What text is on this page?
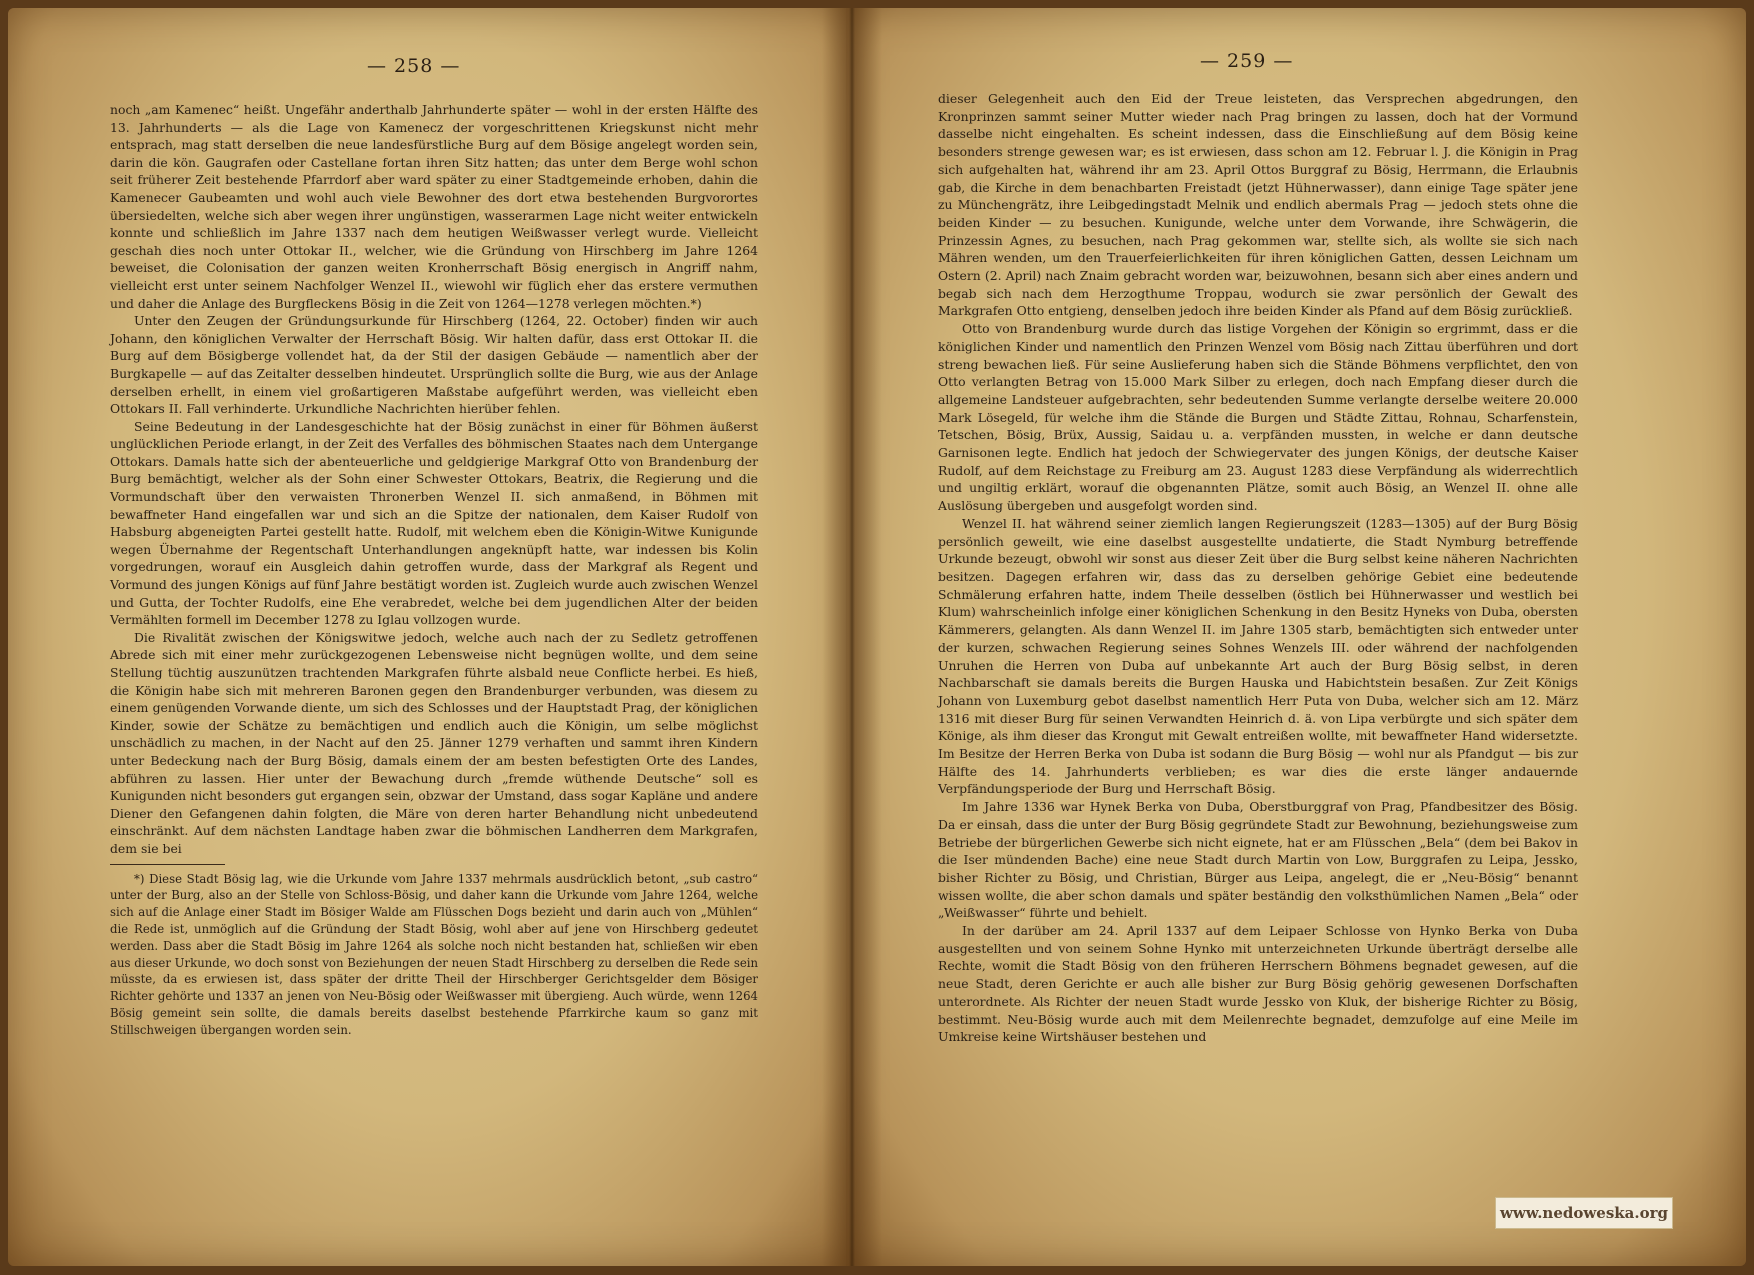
— 258 —	— 259 —

noch „am Kamenec“ heißt. Ungefähr anderthalb Jahrhunderte später — wohl in der ersten Hälfte des 13. Jahrhunderts — als die Lage von Kamenecz der vorgeschrittenen Kriegskunst nicht mehr entsprach, mag statt derselben die neue landesfürstliche Burg auf dem Bösige angelegt worden sein, darin die kön. Gaugrafen oder Castellane fortan ihren Sitz hatten; das unter dem Berge wohl schon seit früherer Zeit bestehende Pfarrdorf aber ward später zu einer Stadtgemeinde erhoben, dahin die Kamenecer Gaubeamten und wohl auch viele Bewohner des dort etwa bestehenden Burgvorortes übersiedelten, welche sich aber wegen ihrer ungünstigen, wasserarmen Lage nicht weiter entwickeln konnte und schließlich im Jahre 1337 nach dem heutigen Weißwasser verlegt wurde. Vielleicht geschah dies noch unter Ottokar II., welcher, wie die Gründung von Hirschberg im Jahre 1264 beweiset, die Colonisation der ganzen weiten Kronherrschaft Bösig energisch in Angriff nahm, vielleicht erst unter seinem Nachfolger Wenzel II., wiewohl wir füglich eher das erstere vermuthen und daher die Anlage des Burgfleckens Bösig in die Zeit von 1264—1278 verlegen möchten.*)

Unter den Zeugen der Gründungsurkunde für Hirschberg (1264, 22. October) finden wir auch Johann, den königlichen Verwalter der Herrschaft Bösig. Wir halten dafür, dass erst Ottokar II. die Burg auf dem Bösigberge vollendet hat, da der Stil der dasigen Gebäude — namentlich aber der Burgkapelle — auf das Zeitalter desselben hindeutet. Ursprünglich sollte die Burg, wie aus der Anlage derselben erhellt, in einem viel großartigeren Maßstabe aufgeführt werden, was vielleicht eben Ottokars II. Fall verhinderte. Urkundliche Nachrichten hierüber fehlen.

Seine Bedeutung in der Landesgeschichte hat der Bösig zunächst in einer für Böhmen äußerst unglücklichen Periode erlangt, in der Zeit des Verfalles des böhmischen Staates nach dem Untergange Ottokars. Damals hatte sich der abenteuerliche und geldgierige Markgraf Otto von Brandenburg der Burg bemächtigt, welcher als der Sohn einer Schwester Ottokars, Beatrix, die Regierung und die Vormundschaft über den verwaisten Thronerben Wenzel II. sich anmaßend, in Böhmen mit bewaffneter Hand eingefallen war und sich an die Spitze der nationalen, dem Kaiser Rudolf von Habsburg abgeneigten Partei gestellt hatte. Rudolf, mit welchem eben die Königin-Witwe Kunigunde wegen Übernahme der Regentschaft Unterhandlungen angeknüpft hatte, war indessen bis Kolin vorgedrungen, worauf ein Ausgleich dahin getroffen wurde, dass der Markgraf als Regent und Vormund des jungen Königs auf fünf Jahre bestätigt worden ist. Zugleich wurde auch zwischen Wenzel und Gutta, der Tochter Rudolfs, eine Ehe verabredet, welche bei dem jugendlichen Alter der beiden Vermählten formell im December 1278 zu Iglau vollzogen wurde.

Die Rivalität zwischen der Königswitwe jedoch, welche auch nach der zu Sedletz getroffenen Abrede sich mit einer mehr zurückgezogenen Lebensweise nicht begnügen wollte, und dem seine Stellung tüchtig auszunützen trachtenden Markgrafen führte alsbald neue Conflicte herbei. Es hieß, die Königin habe sich mit mehreren Baronen gegen den Brandenburger verbunden, was diesem zu einem genügenden Vorwande diente, um sich des Schlosses und der Hauptstadt Prag, der königlichen Kinder, sowie der Schätze zu bemächtigen und endlich auch die Königin, um selbe möglichst unschädlich zu machen, in der Nacht auf den 25. Jänner 1279 verhaften und sammt ihren Kindern unter Bedeckung nach der Burg Bösig, damals einem der am besten befestigten Orte des Landes, abführen zu lassen. Hier unter der Bewachung durch „fremde wüthende Deutsche“ soll es Kunigunden nicht besonders gut ergangen sein, obzwar der Umstand, dass sogar Kapläne und andere Diener den Gefangenen dahin folgten, die Märe von deren harter Behandlung nicht unbedeutend einschränkt. Auf dem nächsten Landtage haben zwar die böhmischen Landherren dem Markgrafen, dem sie bei

*) Diese Stadt Bösig lag, wie die Urkunde vom Jahre 1337 mehrmals ausdrücklich betont, „sub castro“ unter der Burg, also an der Stelle von Schloss-Bösig, und daher kann die Urkunde vom Jahre 1264, welche sich auf die Anlage einer Stadt im Bösiger Walde am Flüsschen Dogs bezieht und darin auch von „Mühlen“ die Rede ist, unmöglich auf die Gründung der Stadt Bösig, wohl aber auf jene von Hirschberg gedeutet werden. Dass aber die Stadt Bösig im Jahre 1264 als solche noch nicht bestanden hat, schließen wir eben aus dieser Urkunde, wo doch sonst von Beziehungen der neuen Stadt Hirschberg zu derselben die Rede sein müsste, da es erwiesen ist, dass später der dritte Theil der Hirschberger Gerichtsgelder dem Bösiger Richter gehörte und 1337 an jenen von Neu-Bösig oder Weißwasser mit übergieng. Auch würde, wenn 1264 Bösig gemeint sein sollte, die damals bereits daselbst bestehende Pfarrkirche kaum so ganz mit Stillschweigen übergangen worden sein.

dieser Gelegenheit auch den Eid der Treue leisteten, das Versprechen abgedrungen, den Kronprinzen sammt seiner Mutter wieder nach Prag bringen zu lassen, doch hat der Vormund dasselbe nicht eingehalten. Es scheint indessen, dass die Einschließung auf dem Bösig keine besonders strenge gewesen war; es ist erwiesen, dass schon am 12. Februar l. J. die Königin in Prag sich aufgehalten hat, während ihr am 23. April Ottos Burggraf zu Bösig, Herrmann, die Erlaubnis gab, die Kirche in dem benachbarten Freistadt (jetzt Hühnerwasser), dann einige Tage später jene zu Münchengrätz, ihre Leibgedingstadt Melnik und endlich abermals Prag — jedoch stets ohne die beiden Kinder — zu besuchen. Kunigunde, welche unter dem Vorwande, ihre Schwägerin, die Prinzessin Agnes, zu besuchen, nach Prag gekommen war, stellte sich, als wollte sie sich nach Mähren wenden, um den Trauerfeierlichkeiten für ihren königlichen Gatten, dessen Leichnam um Ostern (2. April) nach Znaim gebracht worden war, beizuwohnen, besann sich aber eines andern und begab sich nach dem Herzogthume Troppau, wodurch sie zwar persönlich der Gewalt des Markgrafen Otto entgieng, denselben jedoch ihre beiden Kinder als Pfand auf dem Bösig zurückließ.

Otto von Brandenburg wurde durch das listige Vorgehen der Königin so ergrimmt, dass er die königlichen Kinder und namentlich den Prinzen Wenzel vom Bösig nach Zittau überführen und dort streng bewachen ließ. Für seine Auslieferung haben sich die Stände Böhmens verpflichtet, den von Otto verlangten Betrag von 15.000 Mark Silber zu erlegen, doch nach Empfang dieser durch die allgemeine Landsteuer aufgebrachten, sehr bedeutenden Summe verlangte derselbe weitere 20.000 Mark Lösegeld, für welche ihm die Stände die Burgen und Städte Zittau, Rohnau, Scharfenstein, Tetschen, Bösig, Brüx, Aussig, Saidau u. a. verpfänden mussten, in welche er dann deutsche Garnisonen legte. Endlich hat jedoch der Schwiegervater des jungen Königs, der deutsche Kaiser Rudolf, auf dem Reichstage zu Freiburg am 23. August 1283 diese Verpfändung als widerrechtlich und ungiltig erklärt, worauf die obgenannten Plätze, somit auch Bösig, an Wenzel II. ohne alle Auslösung übergeben und ausgefolgt worden sind.

Wenzel II. hat während seiner ziemlich langen Regierungszeit (1283—1305) auf der Burg Bösig persönlich geweilt, wie eine daselbst ausgestellte undatierte, die Stadt Nymburg betreffende Urkunde bezeugt, obwohl wir sonst aus dieser Zeit über die Burg selbst keine näheren Nachrichten besitzen. Dagegen erfahren wir, dass das zu derselben gehörige Gebiet eine bedeutende Schmälerung erfahren hatte, indem Theile desselben (östlich bei Hühnerwasser und westlich bei Klum) wahrscheinlich infolge einer königlichen Schenkung in den Besitz Hyneks von Duba, obersten Kämmerers, gelangten. Als dann Wenzel II. im Jahre 1305 starb, bemächtigten sich entweder unter der kurzen, schwachen Regierung seines Sohnes Wenzels III. oder während der nachfolgenden Unruhen die Herren von Duba auf unbekannte Art auch der Burg Bösig selbst, in deren Nachbarschaft sie damals bereits die Burgen Hauska und Habichtstein besaßen. Zur Zeit Königs Johann von Luxemburg gebot daselbst namentlich Herr Puta von Duba, welcher sich am 12. März 1316 mit dieser Burg für seinen Verwandten Heinrich d. ä. von Lipa verbürgte und sich später dem Könige, als ihm dieser das Krongut mit Gewalt entreißen wollte, mit bewaffneter Hand widersetzte. Im Besitze der Herren Berka von Duba ist sodann die Burg Bösig — wohl nur als Pfandgut — bis zur Hälfte des 14. Jahrhunderts verblieben; es war dies die erste länger andauernde Verpfändungsperiode der Burg und Herrschaft Bösig.

Im Jahre 1336 war Hynek Berka von Duba, Oberstburggraf von Prag, Pfandbesitzer des Bösig. Da er einsah, dass die unter der Burg Bösig gegründete Stadt zur Bewohnung, beziehungsweise zum Betriebe der bürgerlichen Gewerbe sich nicht eignete, hat er am Flüsschen „Bela“ (dem bei Bakov in die Iser mündenden Bache) eine neue Stadt durch Martin von Low, Burggrafen zu Leipa, Jessko, bisher Richter zu Bösig, und Christian, Bürger aus Leipa, angelegt, die er „Neu-Bösig“ benannt wissen wollte, die aber schon damals und später beständig den volksthümlichen Namen „Bela“ oder „Weißwasser“ führte und behielt.

In der darüber am 24. April 1337 auf dem Leipaer Schlosse von Hynko Berka von Duba ausgestellten und von seinem Sohne Hynko mit unterzeichneten Urkunde überträgt derselbe alle Rechte, womit die Stadt Bösig von den früheren Herrschern Böhmens begnadet gewesen, auf die neue Stadt, deren Gerichte er auch alle bisher zur Burg Bösig gehörig gewesenen Dorfschaften unterordnete. Als Richter der neuen Stadt wurde Jessko von Kluk, der bisherige Richter zu Bösig, bestimmt. Neu-Bösig wurde auch mit dem Meilenrechte begnadet, demzufolge auf eine Meile im Umkreise keine Wirtshäuser bestehen und

www.nedoweska.org
